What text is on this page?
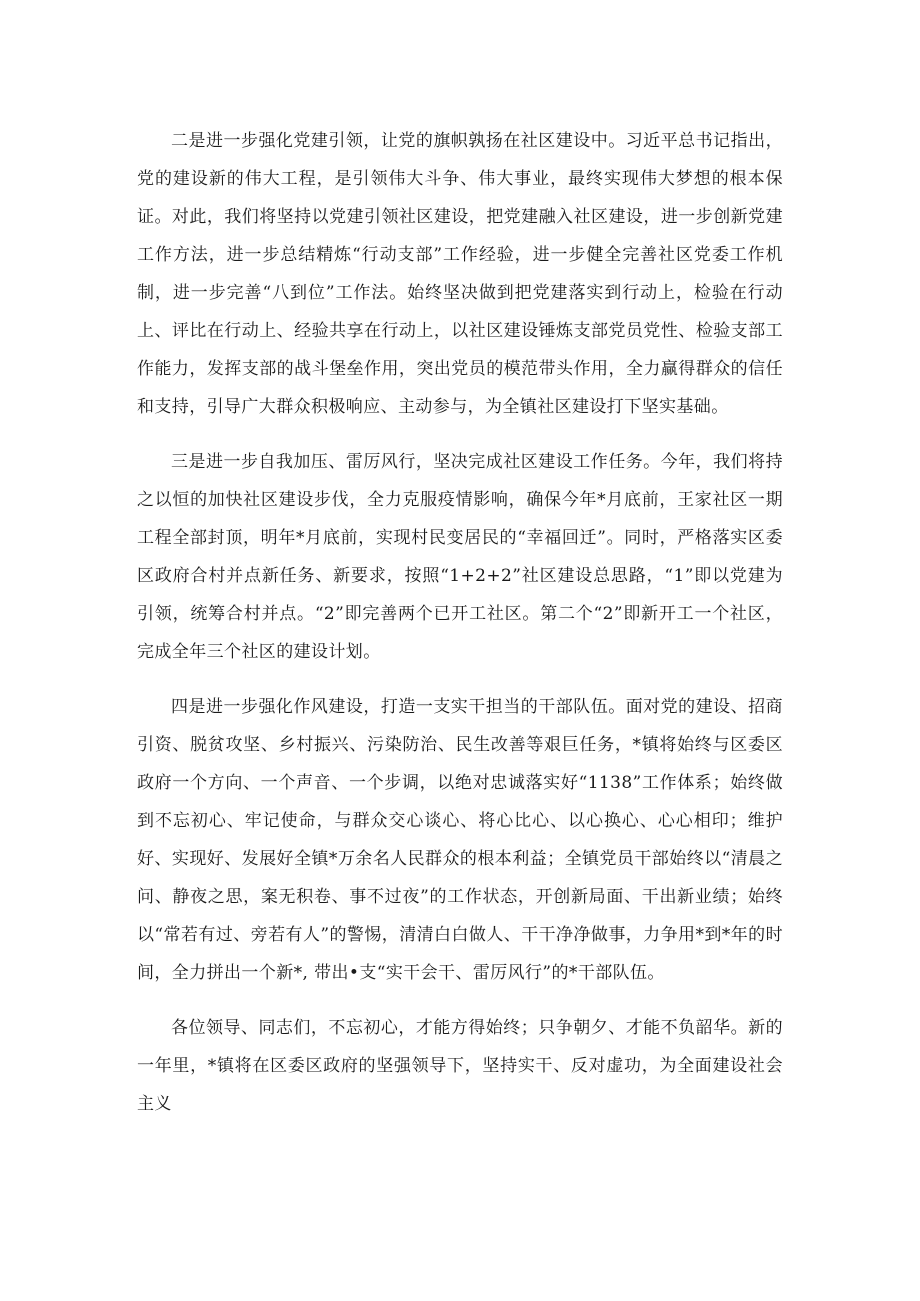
二是进一步强化党建引领，让党的旗帜孰扬在社区建设中。习近平总书记指出，党的建设新的伟大工程，是引领伟大斗争、伟大事业，最终实现伟大梦想的根本保证。对此，我们将坚持以党建引领社区建设，把党建融入社区建设，进一步创新党建工作方法，进一步总结精炼“行动支部”工作经验，进一步健全完善社区党委工作机制，进一步完善“八到位”工作法。始终坚决做到把党建落实到行动上，检验在行动上、评比在行动上、经验共享在行动上，以社区建设锤炼支部党员党性、检验支部工作能力，发挥支部的战斗堡垒作用，突出党员的模范带头作用，全力赢得群众的信任和支持，引导广大群众积极响应、主动参与，为全镇社区建设打下坚实基础。

三是进一步自我加压、雷厉风行，坚决完成社区建设工作任务。今年，我们将持之以恒的加快社区建设步伐，全力克服疫情影响，确保今年*月底前，王家社区一期工程全部封顶，明年*月底前，实现村民变居民的“幸福回迁”。同时，严格落实区委区政府合村并点新任务、新要求，按照“1+2+2”社区建设总思路，“1”即以党建为引领，统筹合村并点。“2”即完善两个已开工社区。第二个“2”即新开工一个社区，完成全年三个社区的建设计划。

四是进一步强化作风建设，打造一支实干担当的干部队伍。面对党的建设、招商引资、脱贫攻坚、乡村振兴、污染防治、民生改善等艰巨任务，*镇将始终与区委区政府一个方向、一个声音、一个步调，以绝对忠诚落实好“1138”工作体系；始终做到不忘初心、牢记使命，与群众交心谈心、将心比心、以心换心、心心相印；维护好、实现好、发展好全镇*万余名人民群众的根本利益；全镇党员干部始终以“清晨之问、静夜之思，案无积卷、事不过夜”的工作状态，开创新局面、干出新业绩；始终以“常若有过、旁若有人”的警惕，清清白白做人、干干净净做事，力争用*到*年的时间，全力拼出一个新*, 带出•支“实干会干、雷厉风行”的*干部队伍。

各位领导、同志们，不忘初心，才能方得始终；只争朝夕、才能不负韶华。新的一年里，*镇将在区委区政府的坚强领导下，坚持实干、反对虚功，为全面建设社会主义
